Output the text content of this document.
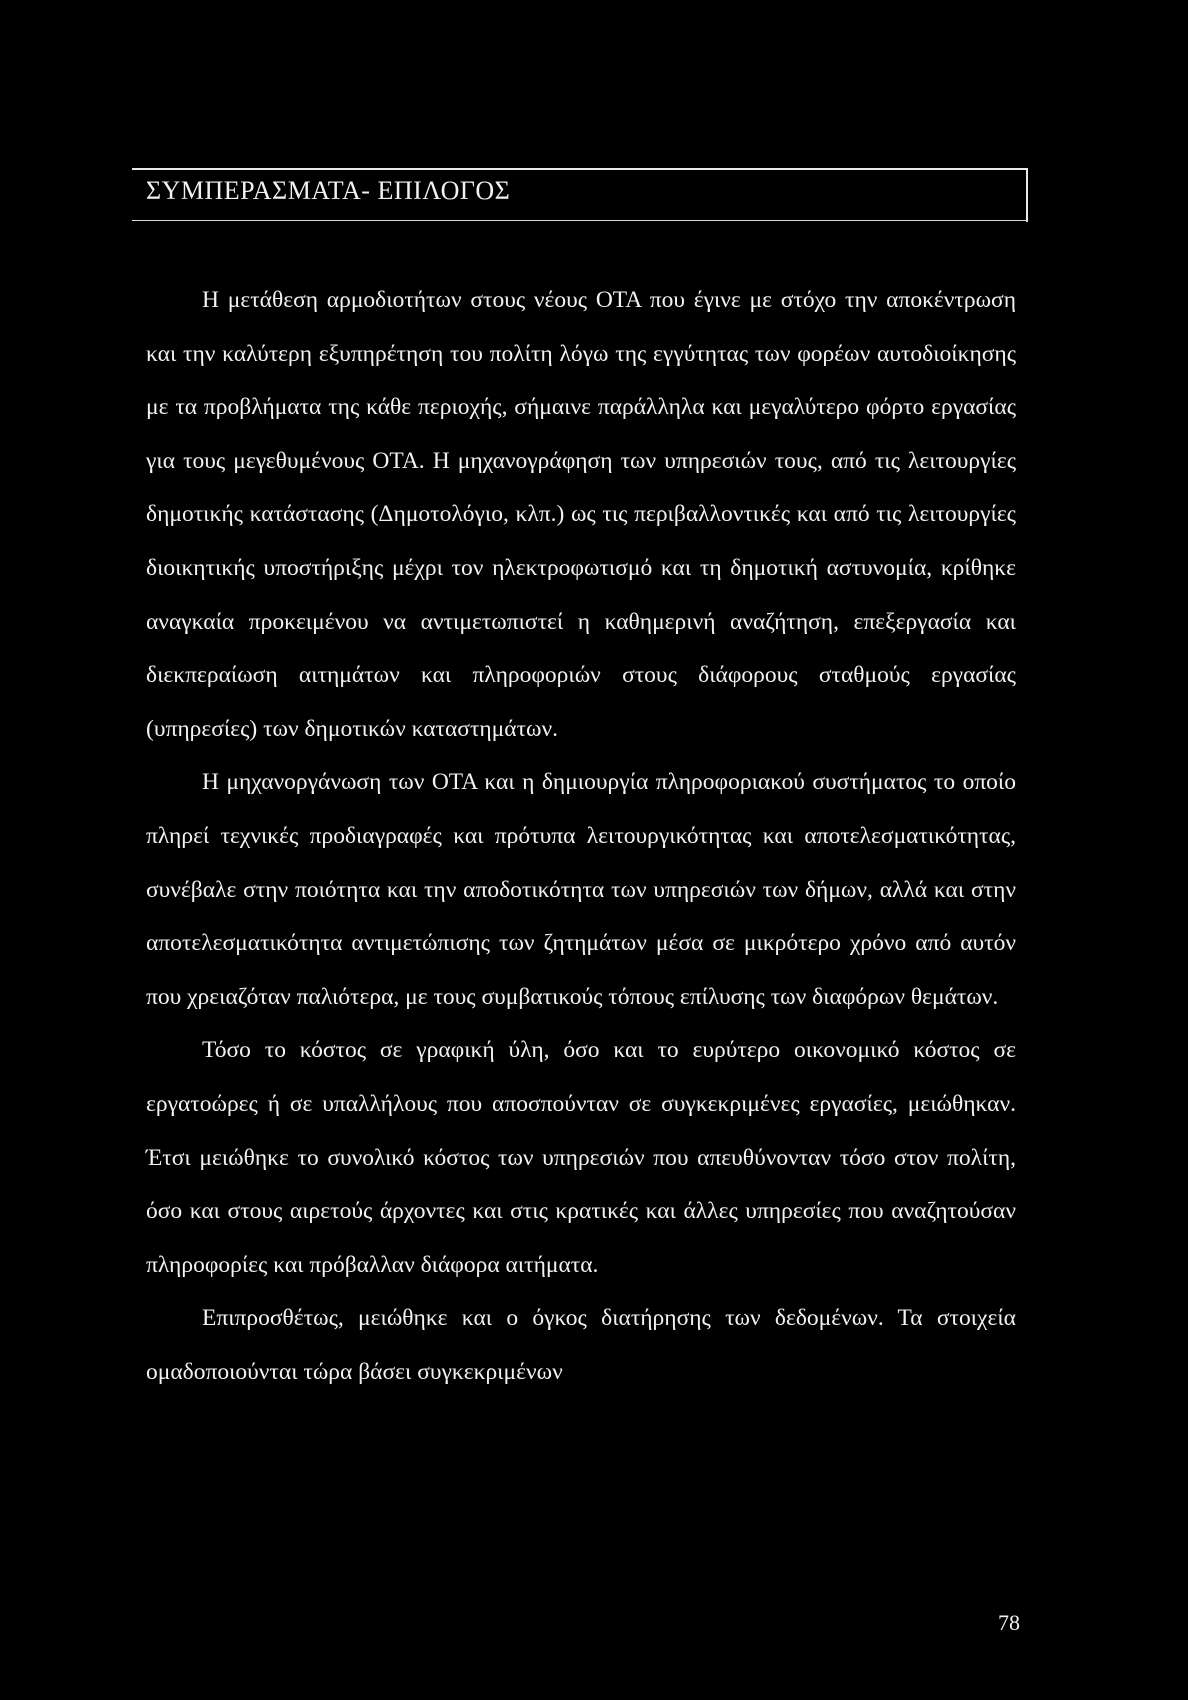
ΣΥΜΠΕΡΑΣΜΑΤΑ- ΕΠΙΛΟΓΟΣ

Η μετάθεση αρμοδιοτήτων στους νέους ΟΤΑ που έγινε με στόχο την αποκέντρωση και την καλύτερη εξυπηρέτηση του πολίτη λόγω της εγγύτητας των φορέων αυτοδιοίκησης με τα προβλήματα της κάθε περιοχής, σήμαινε παράλληλα και μεγαλύτερο φόρτο εργασίας για τους μεγεθυμένους ΟΤΑ. Η μηχανογράφηση των υπηρεσιών τους, από τις λειτουργίες δημοτικής κατάστασης (Δημοτολόγιο, κλπ.) ως τις περιβαλλοντικές και από τις λειτουργίες διοικητικής υποστήριξης μέχρι τον ηλεκτροφωτισμό και τη δημοτική αστυνομία, κρίθηκε αναγκαία προκειμένου να αντιμετωπιστεί η καθημερινή αναζήτηση, επεξεργασία και διεκπεραίωση αιτημάτων και πληροφοριών στους διάφορους σταθμούς εργασίας (υπηρεσίες) των δημοτικών καταστημάτων.

Η μηχανοργάνωση των ΟΤΑ και η δημιουργία πληροφοριακού συστήματος το οποίο πληρεί τεχνικές προδιαγραφές και πρότυπα λειτουργικότητας και αποτελεσματικότητας, συνέβαλε στην ποιότητα και την αποδοτικότητα των υπηρεσιών των δήμων, αλλά και στην αποτελεσματικότητα αντιμετώπισης των ζητημάτων μέσα σε μικρότερο χρόνο από αυτόν που χρειαζόταν παλιότερα, με τους συμβατικούς τόπους επίλυσης των διαφόρων θεμάτων.

Τόσο το κόστος σε γραφική ύλη, όσο και το ευρύτερο οικονομικό κόστος σε εργατοώρες ή σε υπαλλήλους που αποσπούνταν σε συγκεκριμένες εργασίες, μειώθηκαν. Έτσι μειώθηκε το συνολικό κόστος των υπηρεσιών που απευθύνονταν τόσο στον πολίτη, όσο και στους αιρετούς άρχοντες και στις κρατικές και άλλες υπηρεσίες που αναζητούσαν πληροφορίες και πρόβαλλαν διάφορα αιτήματα.

Επιπροσθέτως, μειώθηκε και ο όγκος διατήρησης των δεδομένων. Τα στοιχεία ομαδοποιούνται τώρα βάσει συγκεκριμένων

78
